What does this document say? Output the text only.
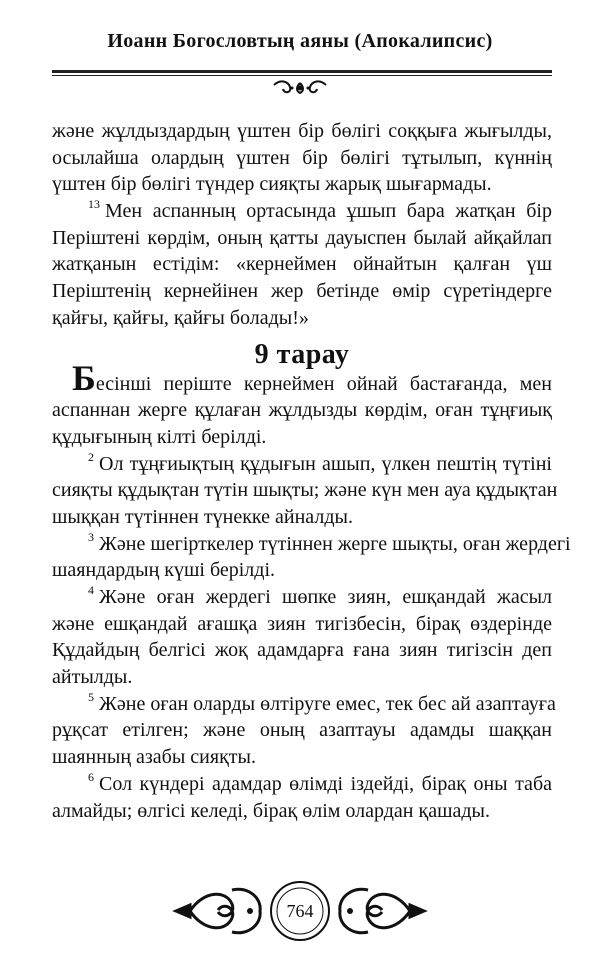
Иоанн Богословтың аяны (Апокалипсис)
және жұлдыздардың үштен бір бөлігі соққыға жығылды,
осылайша олардың үштен бір бөлігі тұтылып, күннің
үштен бір бөлігі түндер сияқты жарық шығармады.
$^{13}$ Мен аспанның ортасында ұшып бара жатқан бір
Періштені көрдім, оның қатты дауыспен былай айқайлап
жатқанын естідім: «кернеймен ойнайтын қалған үш
Періштенің кернейінен жер бетінде өмір сүретіндерге
қайғы, қайғы, қайғы болады!»
9 тарау
Бесінші періште кернеймен ойнай бастағанда, мен
аспаннан жерге құлаған жұлдызды көрдім, оған тұңғиық
құдығының кілті берілді.
$^2$ Ол тұңғиықтың құдығын ашып, үлкен пештің түтіні
сияқты құдықтан түтін шықты; және күн мен ауа құдықтан
шыққан түтіннен түнекке айналды.
$^3$ Және шегірткелер түтіннен жерге шықты, оған жердегі
шаяндардың күші берілді.
$^4$ Және оған жердегі шөпке зиян, ешқандай жасыл
және ешқандай ағашқа зиян тигізбесін, бірақ өздерінде
Құдайдың белгісі жоқ адамдарға ғана зиян тигізсін деп
айтылды.
$^5$ Және оған оларды өлтіруге емес, тек бес ай азаптауға
рұқсат етілген; және оның азаптауы адамды шаққан
шаянның азабы сияқты.
$^6$ Сол күндері адамдар өлімді іздейді, бірақ оны таба
алмайды; өлгісі келеді, бірақ өлім олардан қашады.
764
